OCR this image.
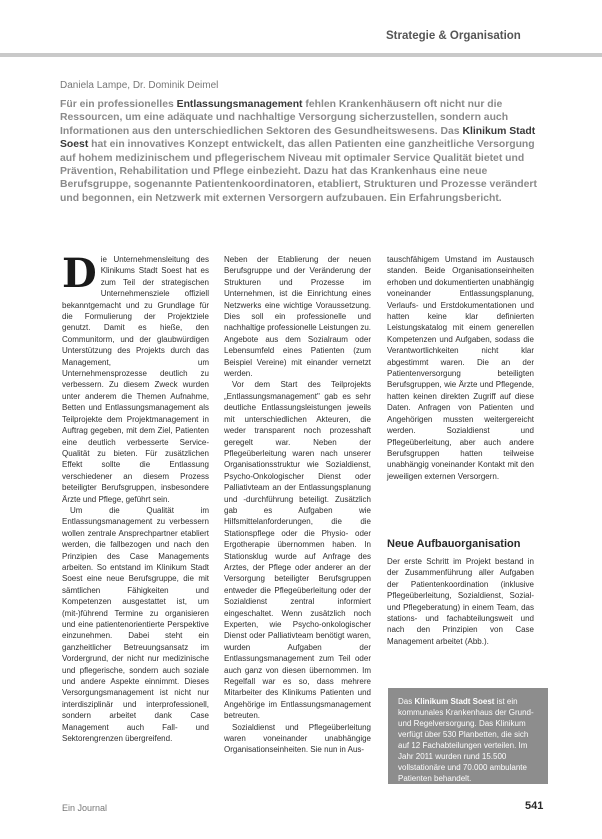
Strategie & Organisation
Daniela Lampe, Dr. Dominik Deimel
Für ein professionelles Entlassungsmanagement fehlen Krankenhäusern oft nicht nur die Ressourcen, um eine adäquate und nachhaltige Versorgung sicherzustellen, sondern auch Informationen aus den unterschiedlichen Sektoren des Gesundheitswesens. Das Klinikum Stadt Soest hat ein innovatives Konzept entwickelt, das allen Patienten eine ganzheitliche Versorgung auf hohem medizinischem und pflegerischem Niveau mit optimaler Service Qualität bietet und Prävention, Rehabilitation und Pflege einbezieht. Dazu hat das Krankenhaus eine neue Berufsgruppe, sogenannte Patientenkoordinatoren, etabliert, Strukturen und Prozesse verändert und begonnen, ein Netzwerk mit externen Versorgern aufzubauen. Ein Erfahrungsbericht.

Die Unternehmensleitung des Klinikums Stadt Soest hat es zum Teil der strategischen Unternehmensziele offiziell bekanntgemacht und zu Grundlage für die Formulierung der Projektziele genutzt. Damit es hieße, den Communitorm, und der glaubwürdigen Unterstützung des Projekts durch das Management, um Unternehmensprozesse deutlich zu verbessern. Zu diesem Zweck wurden unter anderem die Themen Aufnahme, Betten und Entlassungsmanagement als Teilprojekte dem Projektmanagement in Auftrag gegeben, mit dem Ziel, Patienten eine deutlich verbesserte Service-Qualität zu bieten. Für zusätzlichen Effekt sollte die Entlassung verschiedener an diesem Prozess beteiligter Berufsgruppen, insbesondere Ärzte und Pflege, geführt sein.

Um die Qualität im Entlassungsmanagement zu verbessern wollen zentrale Ansprechpartner etabliert werden, die fallbezogen und nach den Prinzipien des Case Managements arbeiten. So entstand im Klinikum Stadt Soest eine neue Berufsgruppe, die mit sämtlichen Fähigkeiten und Kompetenzen ausgestattet ist, um (mit-)führend Termine zu organisieren und eine patientenorientierte Perspektive einzunehmen. Dabei steht ein ganzheitlicher Betreuungsansatz im Vordergrund, der nicht nur medizinische und pflegerische, sondern auch soziale und andere Aspekte einnimmt. Dieses Versorgungsmanagement ist nicht nur interdisziplinär und interprofessionell, sondern arbeitet dank Case Management auch Fall- und Sektorengrenzen übergreifend.

Neben der Etablierung der neuen Berufsgruppe und der Veränderung der Strukturen und Prozesse im Unternehmen, ist die Einrichtung eines Netzwerks eine wichtige Voraussetzung. Dies soll ein professionelle und nachhaltige professionelle Leistungen zu. Angebote aus dem Sozialraum oder Lebensumfeld eines Patienten (zum Beispiel Vereine) mit einander vernetzt werden.

Vor dem Start des Teilprojekts „Entlassungsmanagement" gab es sehr deutliche Entlassungsleistungen jeweils mit unterschiedlichen Akteuren, die weder transparent noch prozesshaft geregelt war. Neben der Pflegeüberleitung waren nach unserer Organisationsstruktur wie Sozialdienst, Psycho-Onkologischer Dienst oder Palliativteam an der Entlassungsplanung und -durchführung beteiligt. Zusätzlich gab es Aufgaben wie Hilfsmittelanforderungen, die die Stationspflege oder die Physio- oder Ergotherapie übernommen haben. In Stationsklug wurde auf Anfrage des Arztes, der Pflege oder anderer an der Versorgung beteiligter Berufsgruppen entweder die Pflegeüberleitung oder der Sozialdienst zentral informiert eingeschaltet. Wenn zusätzlich noch Experten, wie Psycho-onkologischer Dienst oder Palliativteam benötigt waren, wurden Aufgaben der Entlassungsmanagement zum Teil oder auch ganz von diesen übernommen. Im Regelfall war es so, dass mehrere Mitarbeiter des Klinikums Patienten und Angehörige im Entlassungsmanagement betreuten.

Sozialdienst und Pflegeüberleitung waren voneinander unabhängige Organisationseinheiten. Sie nun in Aus-

tauschfähigem Umstand im Austausch standen. Beide Organisationseinheiten erhoben und dokumentierten unabhängig voneinander Entlassungsplanung, Verlaufs- und Erstdokumentationen und hatten keine klar definierten Leistungskatalog mit einem generellen Kompetenzen und Aufgaben, sodass die Verantwortlichkeiten nicht klar abgestimmt waren. Die an der Patientenversorgung beteiligten Berufsgruppen, wie Ärzte und Pflegende, hatten keinen direkten Zugriff auf diese Daten. Anfragen von Patienten und Angehörigen mussten weitergereicht werden. Sozialdienst und Pflegeüberleitung, aber auch andere Berufsgruppen hatten teilweise unabhängig voneinander Kontakt mit den jeweiligen externen Versorgern.

Neue Aufbauorganisation

Der erste Schritt im Projekt bestand in der Zusammenführung aller Aufgaben der Patientenkoordination (inklusive Pflegeüberleitung, Sozialdienst, Sozial- und Pflegeberatung) in einem Team, das stations- und fachabteilungsweit und nach den Prinzipien von Case Management arbeitet (Abb.).

Das Klinikum Stadt Soest ist ein kommunales Krankenhaus der Grund- und Regelversorgung. Das Klinikum verfügt über 530 Planbetten, die sich auf 12 Fachabteilungen verteilen. Im Jahr 2011 wurden rund 15.500 vollstationäre und 70.000 ambulante Patienten behandelt.
Ein Journal	541
